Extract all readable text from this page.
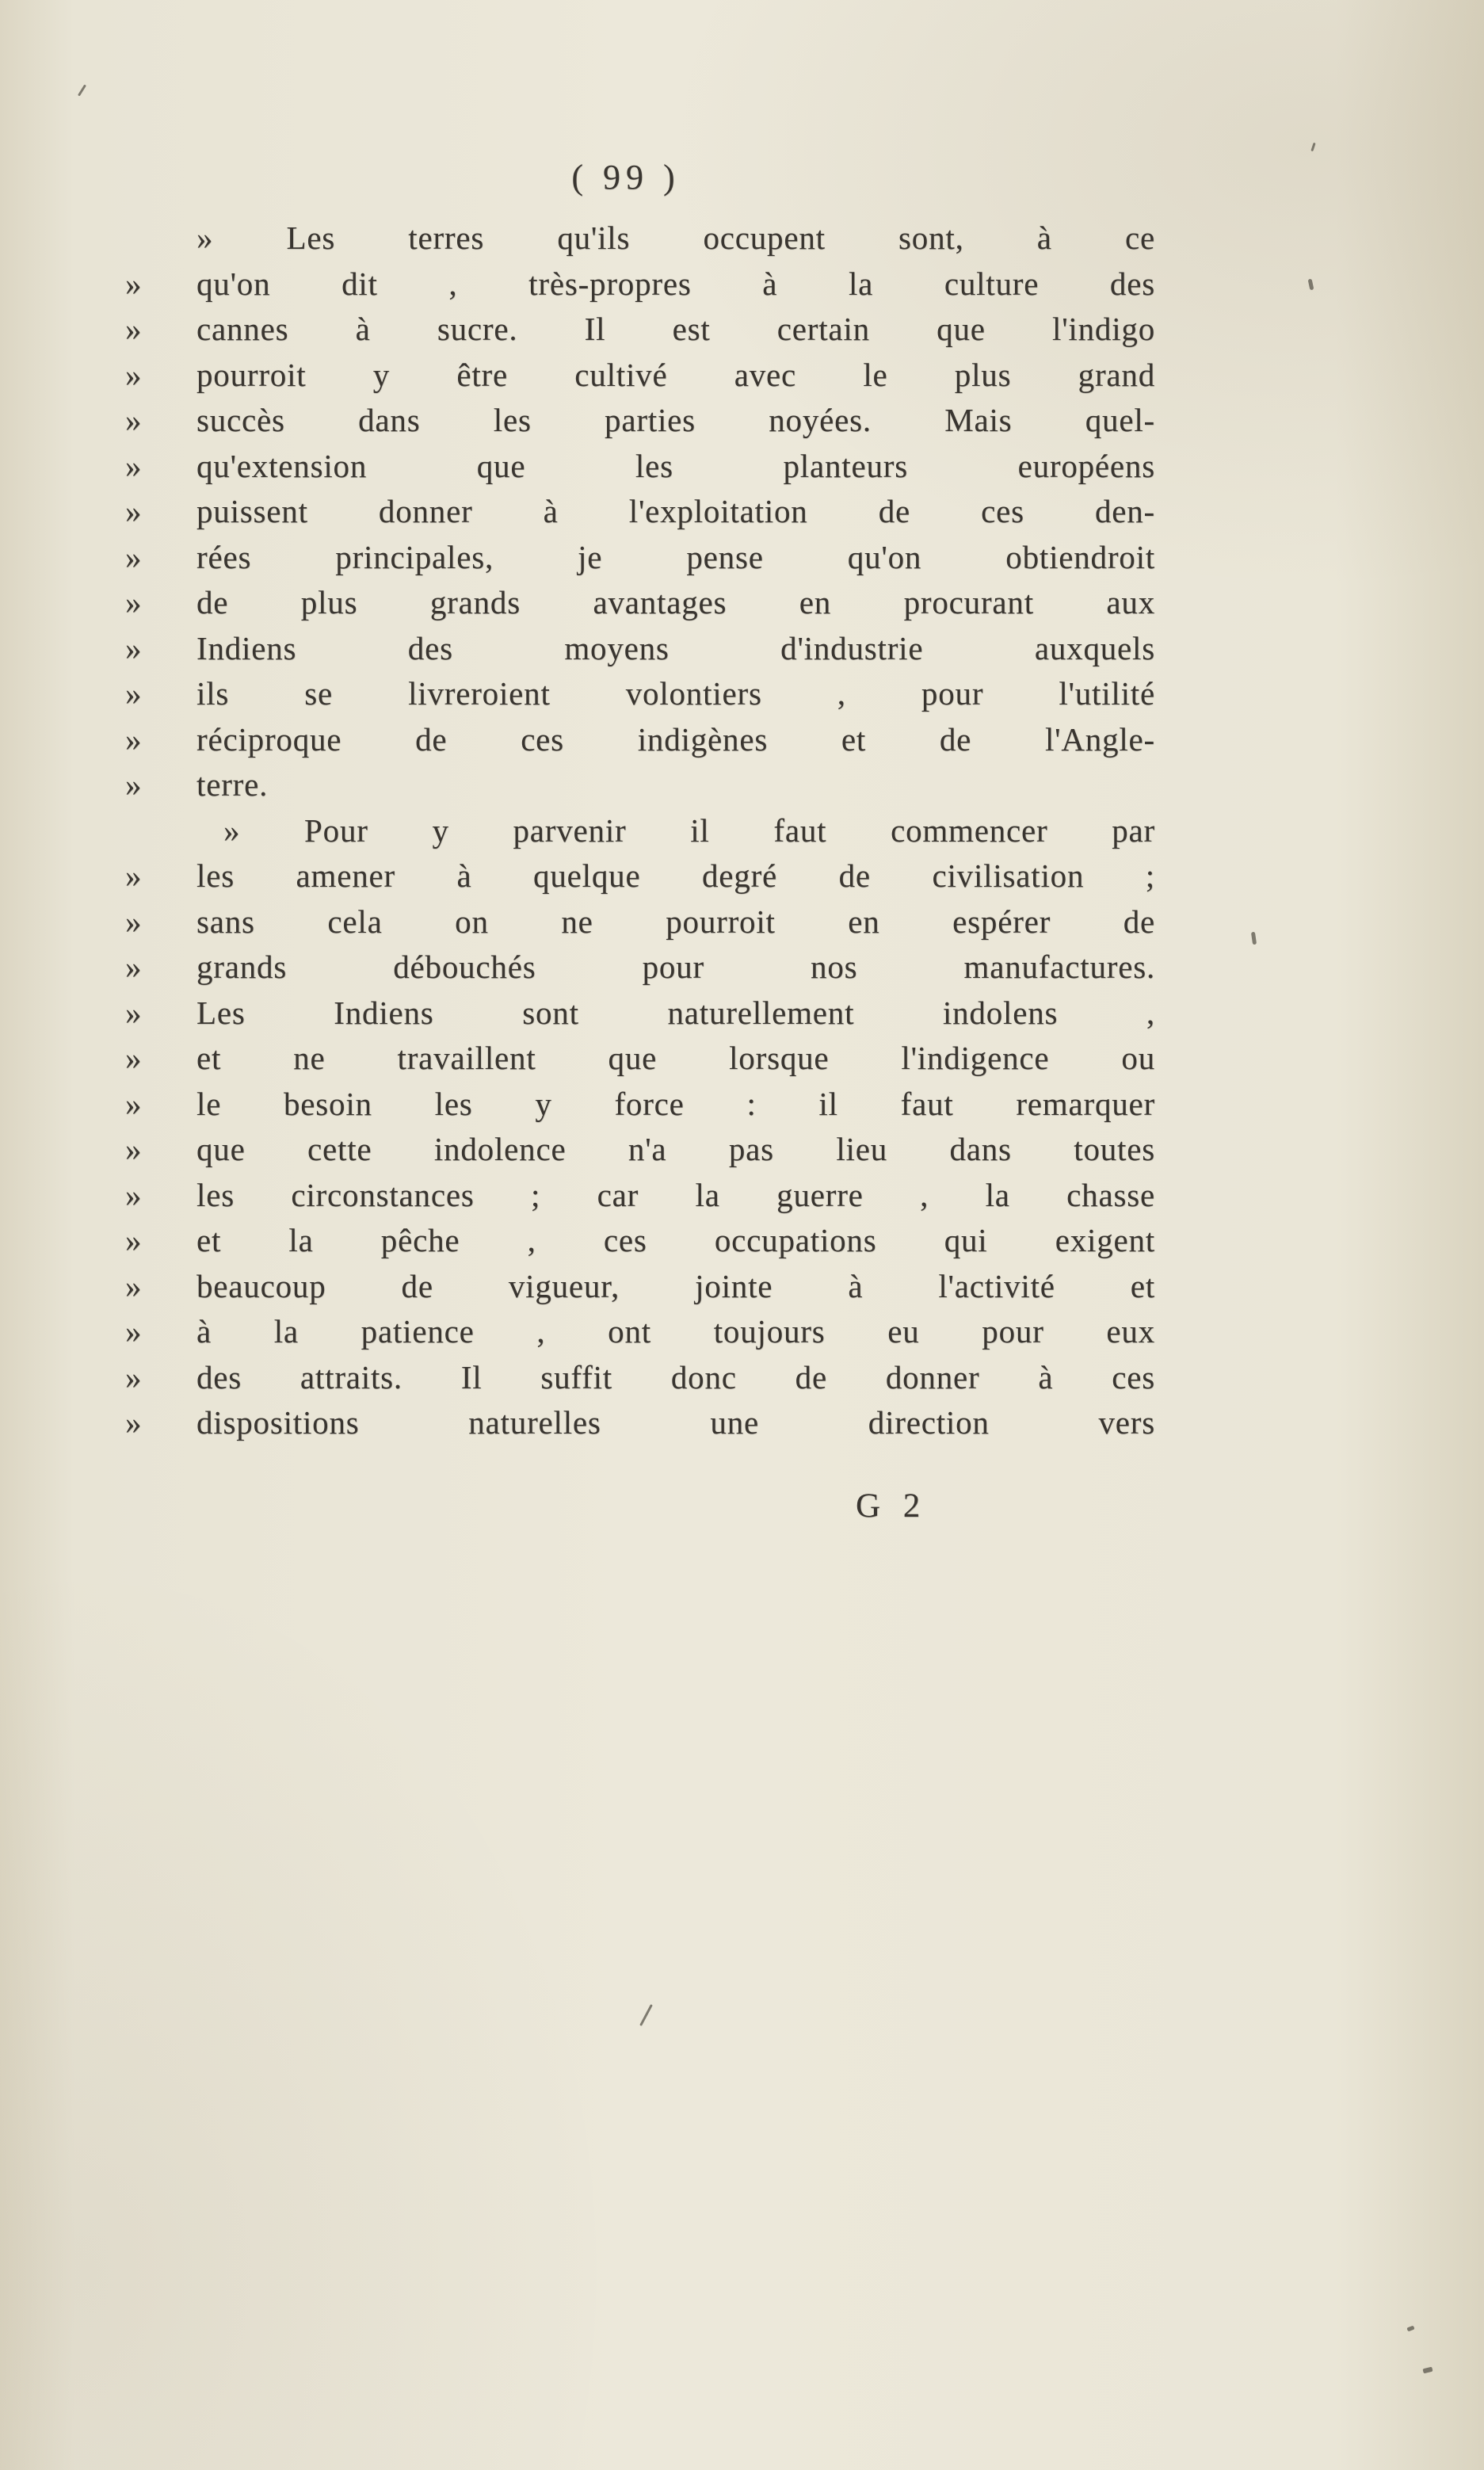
( 99 )
» Les terres qu'ils occupent sont, à ce
»	qu'on dit , très-propres à la culture des
»	cannes à sucre. Il est certain que l'indigo
»	pourroit y être cultivé avec le plus grand
»	succès dans les parties noyées. Mais quel-
»	qu'extension que les planteurs européens
»	puissent donner à l'exploitation de ces den-
»	rées principales, je pense qu'on obtiendroit
»	de plus grands avantages en procurant aux
»	Indiens des moyens d'industrie auxquels
»	ils se livreroient volontiers , pour l'utilité
»	réciproque de ces indigènes et de l'Angle-
»	terre.
» Pour y parvenir il faut commencer par
»	les amener à quelque degré de civilisation ;
»	sans cela on ne pourroit en espérer de
»	grands débouchés pour nos manufactures.
»	Les Indiens sont naturellement indolens ,
»	et ne travaillent que lorsque l'indigence ou
»	le besoin les y force : il faut remarquer
»	que cette indolence n'a pas lieu dans toutes
»	les circonstances ; car la guerre , la chasse
»	et la pêche , ces occupations qui exigent
»	beaucoup de vigueur, jointe à l'activité et
»	à la patience , ont toujours eu pour eux
»	des attraits. Il suffit donc de donner à ces
»	dispositions naturelles une direction vers
G 2
